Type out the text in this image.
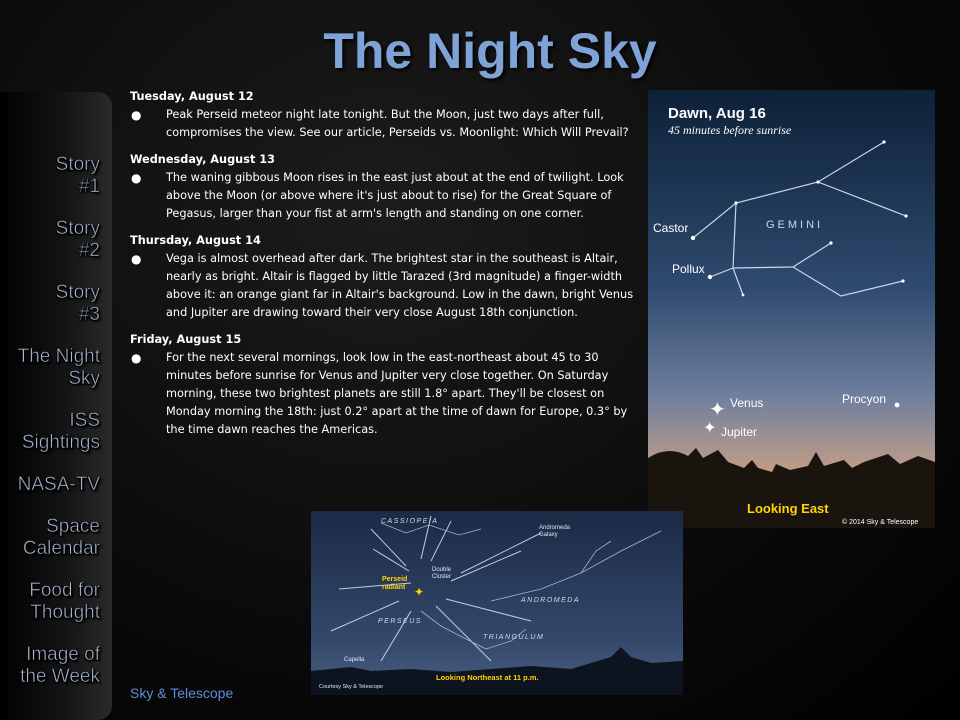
The Night Sky
Story
#1
Story
#2
Story
#3
The Night
Sky
ISS
Sightings
NASA-TV
Space
Calendar
Food for
Thought
Image of
the Week
Tuesday, August 12
● Peak Perseid meteor night late tonight. But the Moon, just two days after full, compromises the view. See our article, Perseids vs. Moonlight: Which Will Prevail?
Wednesday, August 13
● The waning gibbous Moon rises in the east just about at the end of twilight. Look above the Moon (or above where it's just about to rise) for the Great Square of Pegasus, larger than your fist at arm's length and standing on one corner.
Thursday, August 14
● Vega is almost overhead after dark. The brightest star in the southeast is Altair, nearly as bright. Altair is flagged by little Tarazed (3rd magnitude) a finger-width above it: an orange giant far in Altair's background. Low in the dawn, bright Venus and Jupiter are drawing toward their very close August 18th conjunction.
Friday, August 15
● For the next several mornings, look low in the east-northeast about 45 to 30 minutes before sunrise for Venus and Jupiter very close together. On Saturday morning, these two brightest planets are still 1.8° apart. They'll be closest on Monday morning the 18th: just 0.2° apart at the time of dawn for Europe, 0.3° by the time dawn reaches the Americas.
Dawn, Aug 16
45 minutes before sunrise
GEMINI
Castor
Pollux
Venus
Jupiter
Procyon
✦
✦
Looking East
© 2014 Sky & Telescope
CASSIOPEIA
Andromeda Galaxy
Double Cluster
Perseid radiant ✦
ANDROMEDA
PERSEUS
TRIANGULUM
Capella
Courtesy Sky & Telescope
Looking Northeast at 11 p.m.
Sky & Telescope
